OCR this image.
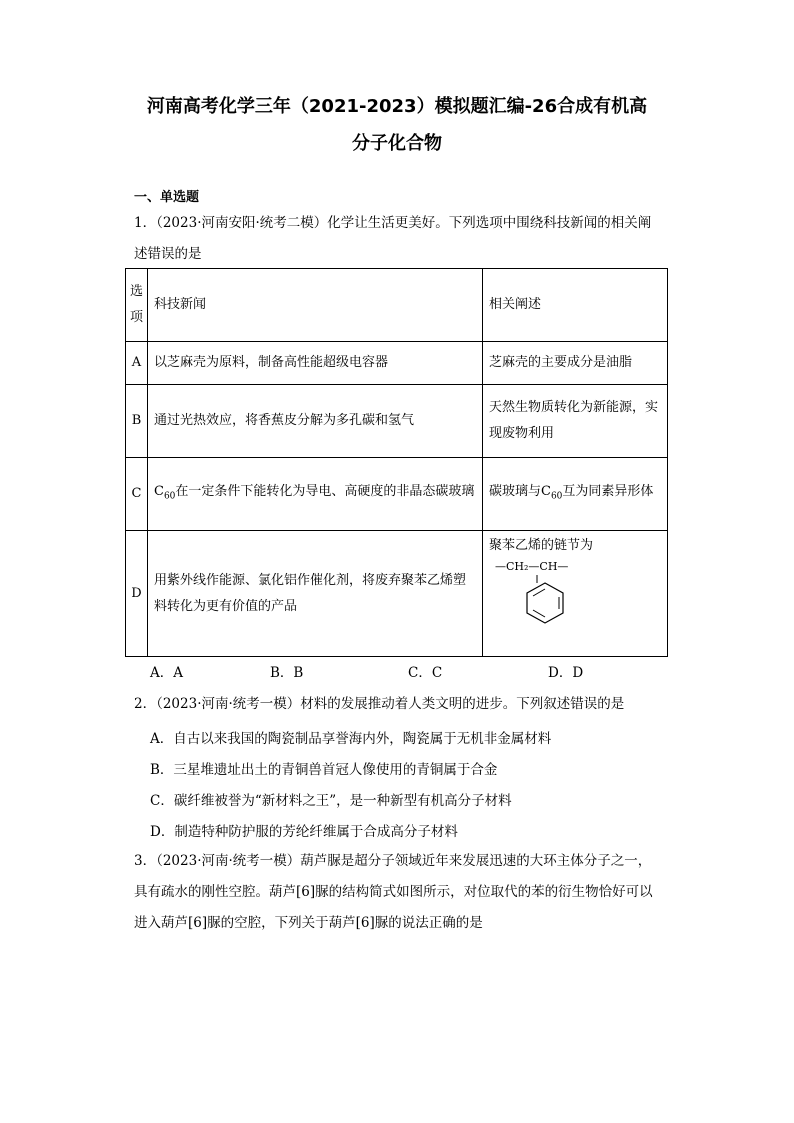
河南高考化学三年（2021-2023）模拟题汇编-26合成有机高
分子化合物
一、单选题
1．（2023·河南安阳·统考二模）化学让生活更美好。下列选项中围绕科技新闻的相关阐
述错误的是
选项	科技新闻	相关阐述
A	以芝麻壳为原料，制备高性能超级电容器	芝麻壳的主要成分是油脂
B	通过光热效应，将香蕉皮分解为多孔碳和氢气	天然生物质转化为新能源，实现废物利用
C	$C_{60}$在一定条件下能转化为导电、高硬度的非晶态碳玻璃	碳玻璃与$C_{60}$互为同素异形体
D	用紫外线作能源、氯化铝作催化剂，将废弃聚苯乙烯塑料转化为更有价值的产品	聚苯乙烯的链节为
—CH₂—CH—
A．A	B．B	C．C	D．D
2．（2023·河南·统考一模）材料的发展推动着人类文明的进步。下列叙述错误的是
A．自古以来我国的陶瓷制品享誉海内外，陶瓷属于无机非金属材料
B．三星堆遗址出土的青铜兽首冠人像使用的青铜属于合金
C．碳纤维被誉为“新材料之王”，是一种新型有机高分子材料
D．制造特种防护服的芳纶纤维属于合成高分子材料
3．（2023·河南·统考一模）葫芦脲是超分子领域近年来发展迅速的大环主体分子之一，
具有疏水的刚性空腔。葫芦[6]脲的结构简式如图所示，对位取代的苯的衍生物恰好可以
进入葫芦[6]脲的空腔，下列关于葫芦[6]脲的说法正确的是
